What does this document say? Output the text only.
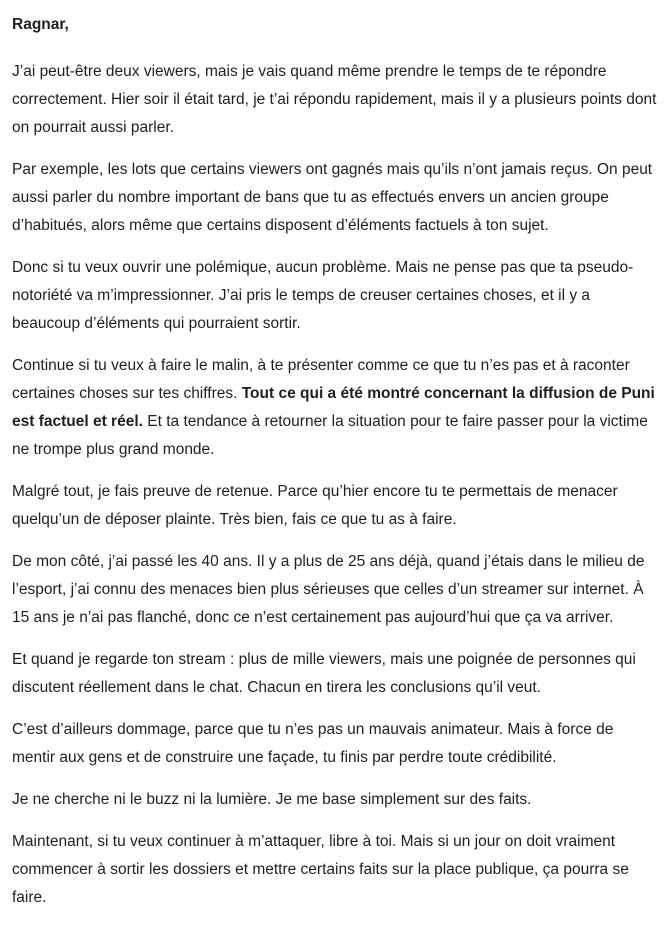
Ragnar,

J’ai peut-être deux viewers, mais je vais quand même prendre le temps de te répondre correctement. Hier soir il était tard, je t’ai répondu rapidement, mais il y a plusieurs points dont on pourrait aussi parler.

Par exemple, les lots que certains viewers ont gagnés mais qu’ils n’ont jamais reçus. On peut aussi parler du nombre important de bans que tu as effectués envers un ancien groupe d’habitués, alors même que certains disposent d’éléments factuels à ton sujet.

Donc si tu veux ouvrir une polémique, aucun problème. Mais ne pense pas que ta pseudo-notoriété va m’impressionner. J’ai pris le temps de creuser certaines choses, et il y a beaucoup d’éléments qui pourraient sortir.

Continue si tu veux à faire le malin, à te présenter comme ce que tu n’es pas et à raconter certaines choses sur tes chiffres. Tout ce qui a été montré concernant la diffusion de Puni est factuel et réel. Et ta tendance à retourner la situation pour te faire passer pour la victime ne trompe plus grand monde.

Malgré tout, je fais preuve de retenue. Parce qu’hier encore tu te permettais de menacer quelqu’un de déposer plainte. Très bien, fais ce que tu as à faire.

De mon côté, j’ai passé les 40 ans. Il y a plus de 25 ans déjà, quand j’étais dans le milieu de l’esport, j’ai connu des menaces bien plus sérieuses que celles d’un streamer sur internet. À 15 ans je n’ai pas flanché, donc ce n’est certainement pas aujourd’hui que ça va arriver.

Et quand je regarde ton stream : plus de mille viewers, mais une poignée de personnes qui discutent réellement dans le chat. Chacun en tirera les conclusions qu’il veut.

C’est d’ailleurs dommage, parce que tu n’es pas un mauvais animateur. Mais à force de mentir aux gens et de construire une façade, tu finis par perdre toute crédibilité.

Je ne cherche ni le buzz ni la lumière. Je me base simplement sur des faits.

Maintenant, si tu veux continuer à m’attaquer, libre à toi. Mais si un jour on doit vraiment commencer à sortir les dossiers et mettre certains faits sur la place publique, ça pourra se faire.
